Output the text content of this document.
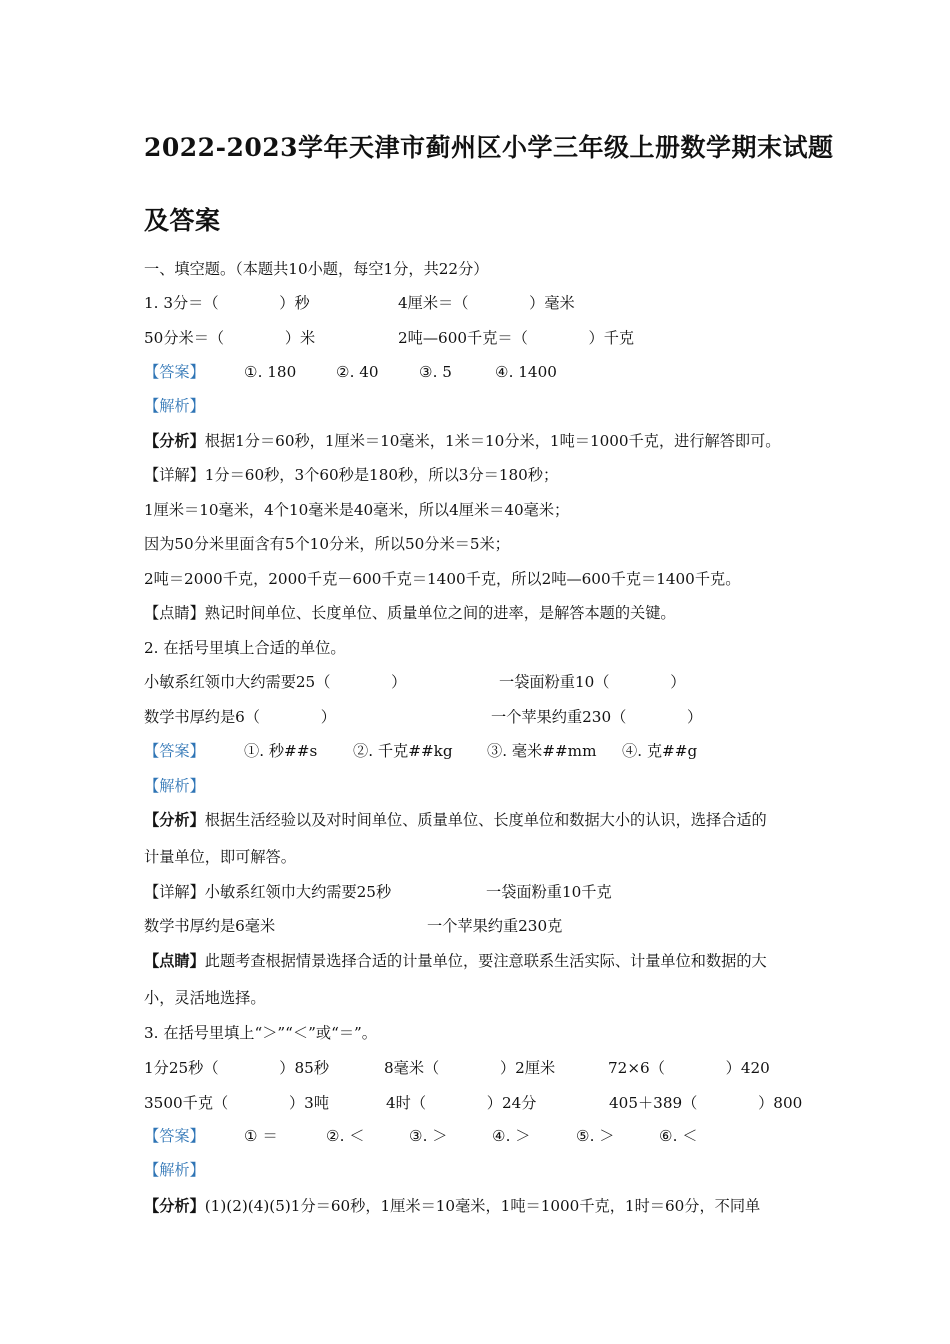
2022-2023学年天津市蓟州区小学三年级上册数学期末试题
及答案
一、填空题。（本题共10小题，每空1分，共22分）
1. 3分＝（　　　　）秒	4厘米＝（　　　　）毫米
50分米＝（　　　　）米	2吨—600千克＝（　　　　）千克
【答案】	①. 180	②. 40	③. 5	④. 1400
【解析】
【分析】根据1分＝60秒，1厘米＝10毫米，1米＝10分米，1吨＝1000千克，进行解答即可。
【详解】1分＝60秒，3个60秒是180秒，所以3分＝180秒；
1厘米＝10毫米，4个10毫米是40毫米，所以4厘米＝40毫米；
因为50分米里面含有5个10分米，所以50分米＝5米；
2吨＝2000千克，2000千克－600千克＝1400千克，所以2吨—600千克＝1400千克。
【点睛】熟记时间单位、长度单位、质量单位之间的进率，是解答本题的关键。
2. 在括号里填上合适的单位。
小敏系红领巾大约需要25（　　　　）	一袋面粉重10（　　　　）
数学书厚约是6（　　　　）	一个苹果约重230（　　　　）
【答案】	①. 秒##s ②. 千克##kg ③. 毫米##mm ④. 克##g
【解析】
【分析】根据生活经验以及对时间单位、质量单位、长度单位和数据大小的认识，选择合适的
计量单位，即可解答。
【详解】小敏系红领巾大约需要25秒	一袋面粉重10千克
数学书厚约是6毫米	一个苹果约重230克
【点睛】此题考查根据情景选择合适的计量单位，要注意联系生活实际、计量单位和数据的大
小，灵活地选择。
3. 在括号里填上“＞”“＜”或“＝”。
1分25秒（　　　　）85秒	8毫米（　　　　）2厘米	72×6（　　　　）420
3500千克（　　　　）3吨	4时（　　　　）24分	405＋389（　　　　）800
【答案】	① ＝	②. ＜	③. ＞	④. ＞	⑤. ＞	⑥. ＜
【解析】
【分析】(1)(2)(4)(5)1分＝60秒，1厘米＝10毫米，1吨＝1000千克，1时＝60分，不同单
